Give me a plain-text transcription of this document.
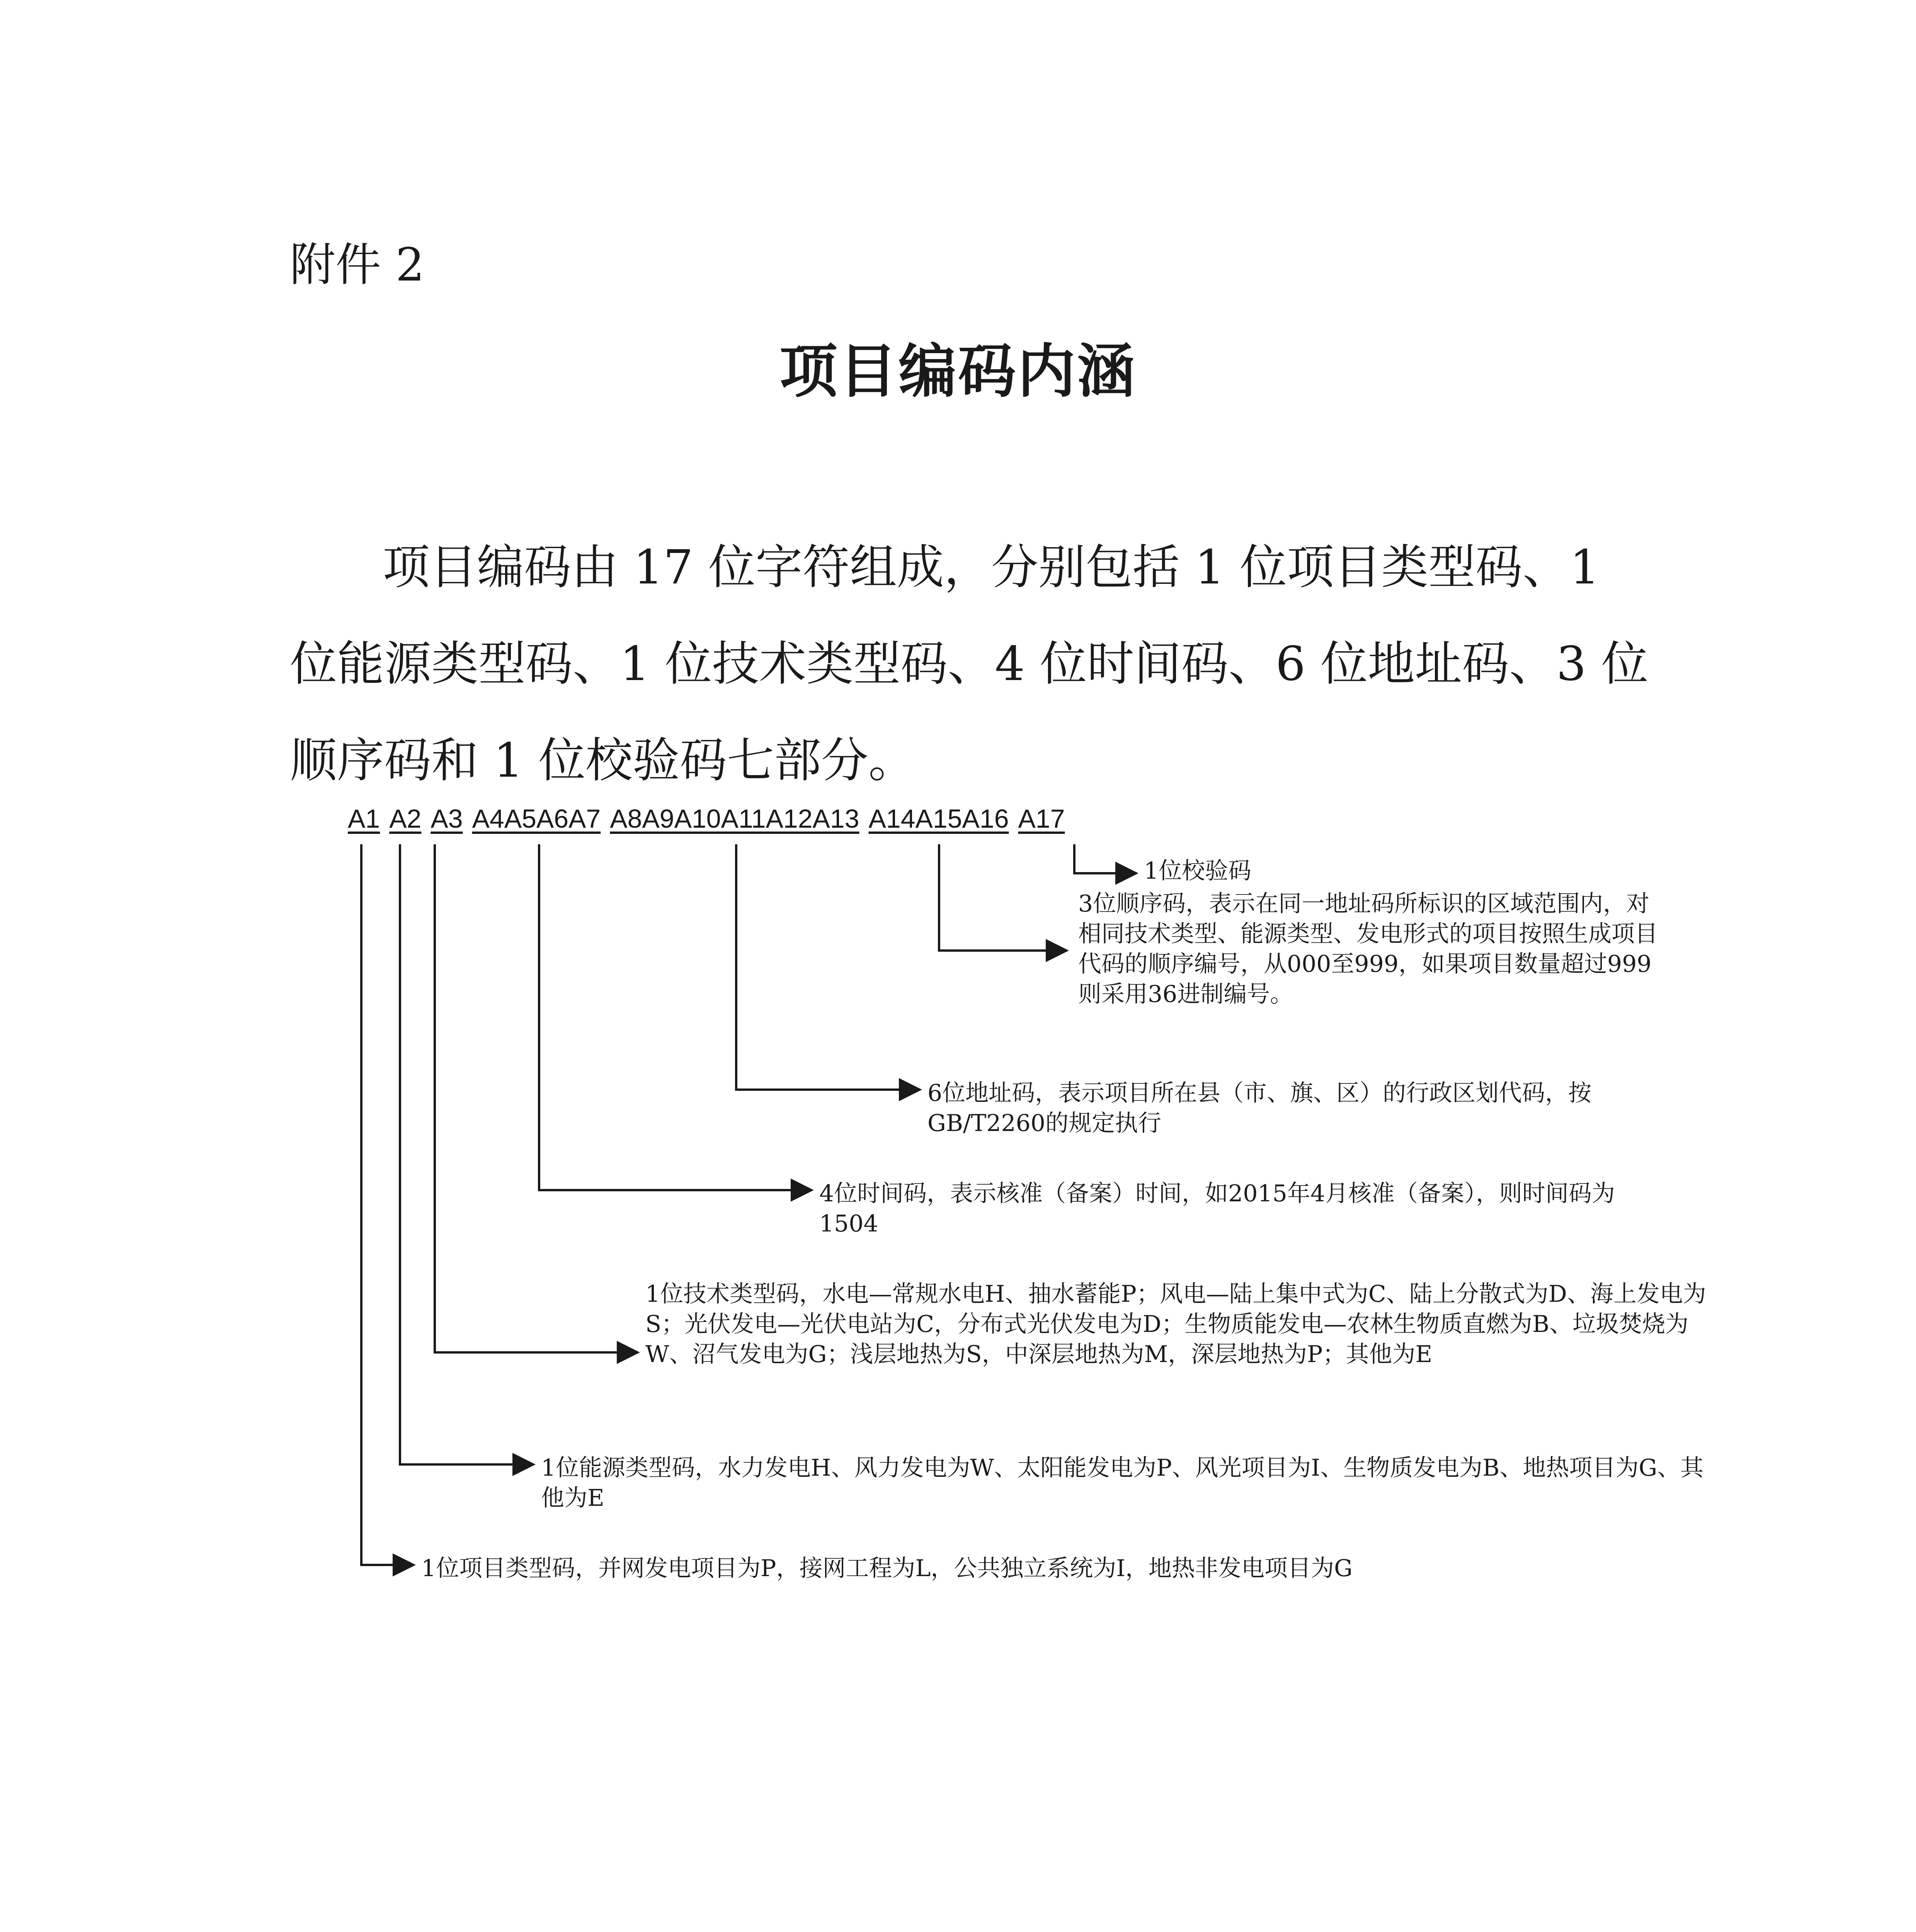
附件 2

项目编码内涵

项目编码由 17 位字符组成，分别包括 1 位项目类型码、1

位能源类型码、1 位技术类型码、4 位时间码、6 位地址码、3 位

顺序码和 1 位校验码七部分。

A1 A2 A3 A4A5A6A7 A8A9A10A11A12A13 A14A15A16 A17

1位校验码

3位顺序码，表示在同一地址码所标识的区域范围内，对相同技术类型、能源类型、发电形式的项目按照生成项目代码的顺序编号，从000至999，如果项目数量超过999则采用36进制编号。

6位地址码，表示项目所在县（市、旗、区）的行政区划代码，按GB/T2260的规定执行

4位时间码，表示核准（备案）时间，如2015年4月核准（备案），则时间码为1504

1位技术类型码，水电—常规水电H、抽水蓄能P；风电—陆上集中式为C、陆上分散式为D、海上发电为S；光伏发电—光伏电站为C，分布式光伏发电为D；生物质能发电—农林生物质直燃为B、垃圾焚烧为W、沼气发电为G；浅层地热为S，中深层地热为M，深层地热为P；其他为E

1位能源类型码，水力发电H、风力发电为W、太阳能发电为P、风光项目为I、生物质发电为B、地热项目为G、其他为E

1位项目类型码，并网发电项目为P，接网工程为L，公共独立系统为I，地热非发电项目为G
